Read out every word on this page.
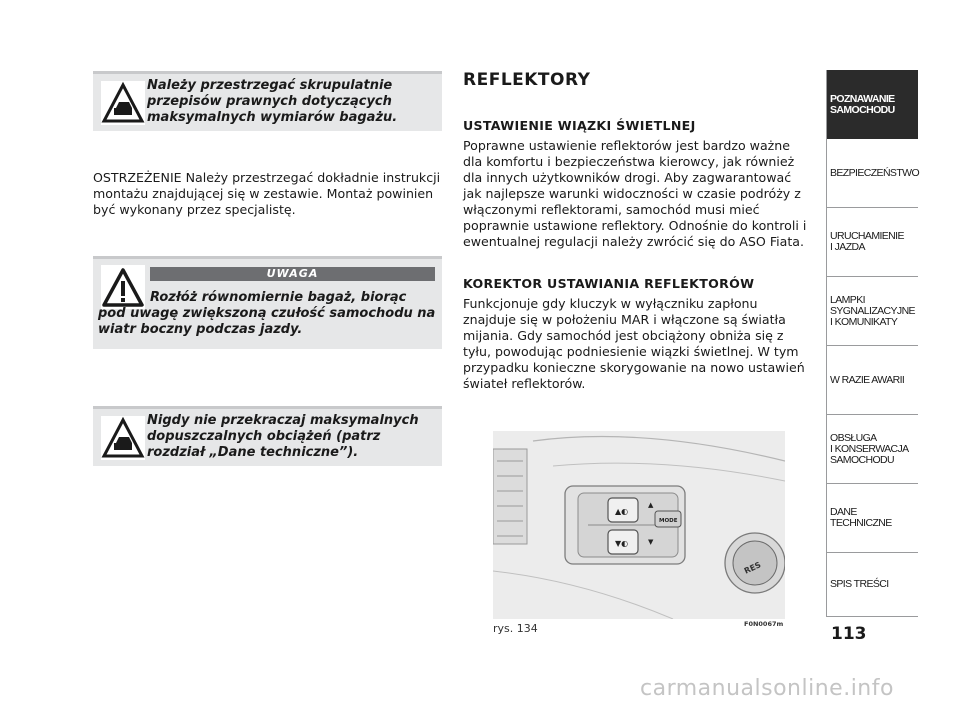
Należy przestrzegać skrupulatnie przepisów prawnych dotyczących maksymalnych wymiarów bagażu.
OSTRZEŻENIE Należy przestrzegać dokładnie instrukcji montażu znajdującej się w zestawie. Montaż powinien być wykonany przez specjalistę.
UWAGA
Rozłóż równomiernie bagaż, biorąc pod uwagę zwiększoną czułość samochodu na wiatr boczny podczas jazdy.
Nigdy nie przekraczaj maksymalnych dopuszczalnych obciążeń (patrz rozdział „Dane techniczne”).
REFLEKTORY
USTAWIENIE WIĄZKI ŚWIETLNEJ
Poprawne ustawienie reflektorów jest bardzo ważne dla komfortu i bezpieczeństwa kierowcy, jak również dla innych użytkowników drogi. Aby zagwarantować jak najlepsze warunki widoczności w czasie podróży z włączonymi reflektorami, samochód musi mieć poprawnie ustawione reflektory. Odnośnie do kontroli i ewentualnej regulacji należy zwrócić się do ASO Fiata.
KOREKTOR USTAWIANIA REFLEKTORÓW
Funkcjonuje gdy kluczyk w wyłączniku zapłonu znajduje się w położeniu MAR i włączone są światła mijania. Gdy samochód jest obciążony obniża się z tyłu, powodując podniesienie wiązki świetlnej. W tym przypadku konieczne skorygowanie na nowo ustawień świateł reflektorów.
▲◐
▲
▼◐	▼
MODE
RES
rys. 134	F0N0067m
POZNAWANIE
SAMOCHODU
BEZPIECZEŃSTWO
URUCHAMIENIE
I JAZDA
LAMPKI
SYGNALIZACYJNE
I KOMUNIKATY
W RAZIE AWARII
OBSŁUGA
I KONSERWACJA
SAMOCHODU
DANE TECHNICZNE
SPIS TREŚCI
113
carmanualsonline.info
